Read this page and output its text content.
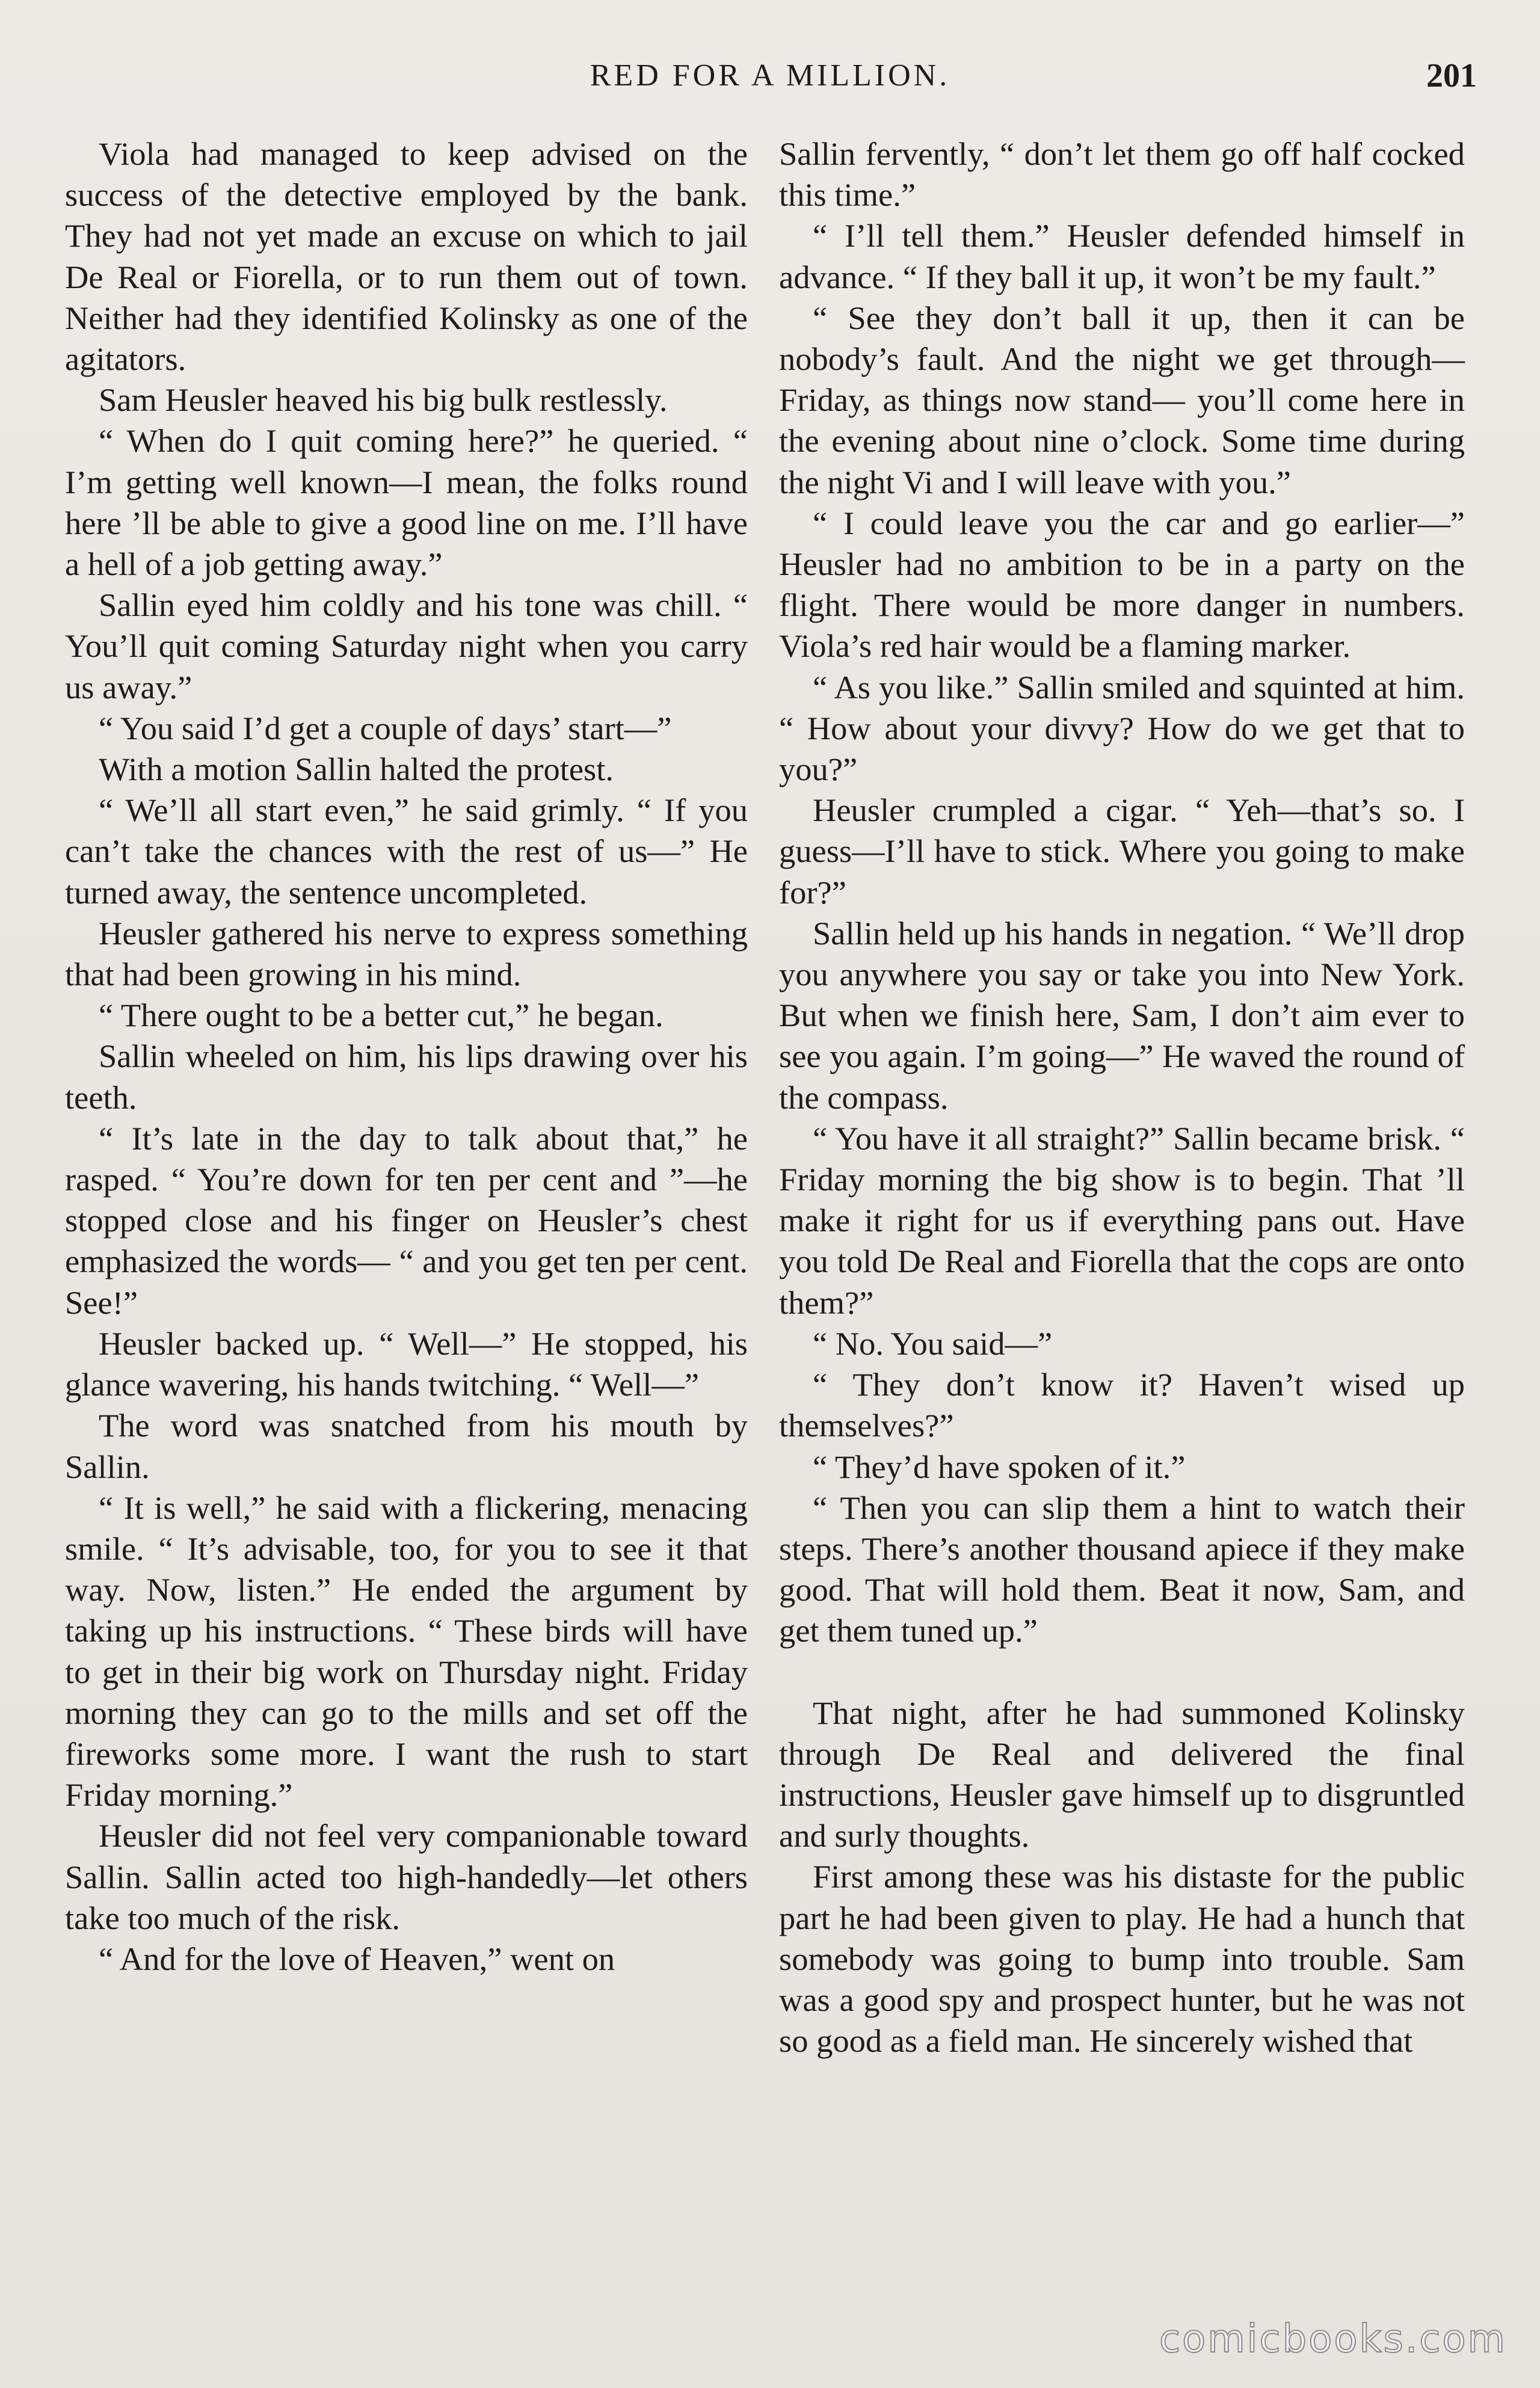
RED FOR A MILLION.	201

Viola had managed to keep advised on the success of the detective employed by the bank. They had not yet made an excuse on which to jail De Real or Fiorella, or to run them out of town. Neither had they identified Kolinsky as one of the agitators.

Sam Heusler heaved his big bulk restlessly.

“ When do I quit coming here?” he queried. “ I’m getting well known—I mean, the folks round here ’ll be able to give a good line on me. I’ll have a hell of a job getting away.”

Sallin eyed him coldly and his tone was chill. “ You’ll quit coming Saturday night when you carry us away.”

“ You said I’d get a couple of days’ start—”

With a motion Sallin halted the protest.

“ We’ll all start even,” he said grimly. “ If you can’t take the chances with the rest of us—” He turned away, the sentence uncompleted.

Heusler gathered his nerve to express something that had been growing in his mind.

“ There ought to be a better cut,” he began.

Sallin wheeled on him, his lips drawing over his teeth.

“ It’s late in the day to talk about that,” he rasped. “ You’re down for ten per cent and ”—he stopped close and his finger on Heusler’s chest emphasized the words— “ and you get ten per cent. See!”

Heusler backed up. “ Well—” He stopped, his glance wavering, his hands twitching. “ Well—”

The word was snatched from his mouth by Sallin.

“ It is well,” he said with a flickering, menacing smile. “ It’s advisable, too, for you to see it that way. Now, listen.” He ended the argument by taking up his instructions. “ These birds will have to get in their big work on Thursday night. Friday morning they can go to the mills and set off the fireworks some more. I want the rush to start Friday morning.”

Heusler did not feel very companionable toward Sallin. Sallin acted too high-handedly—let others take too much of the risk.

“ And for the love of Heaven,” went on

Sallin fervently, “ don’t let them go off half cocked this time.”

“ I’ll tell them.” Heusler defended himself in advance. “ If they ball it up, it won’t be my fault.”

“ See they don’t ball it up, then it can be nobody’s fault. And the night we get through—Friday, as things now stand— you’ll come here in the evening about nine o’clock. Some time during the night Vi and I will leave with you.”

“ I could leave you the car and go earlier—” Heusler had no ambition to be in a party on the flight. There would be more danger in numbers. Viola’s red hair would be a flaming marker.

“ As you like.” Sallin smiled and squinted at him. “ How about your divvy? How do we get that to you?”

Heusler crumpled a cigar. “ Yeh—that’s so. I guess—I’ll have to stick. Where you going to make for?”

Sallin held up his hands in negation. “ We’ll drop you anywhere you say or take you into New York. But when we finish here, Sam, I don’t aim ever to see you again. I’m going—” He waved the round of the compass.

“ You have it all straight?” Sallin became brisk. “ Friday morning the big show is to begin. That ’ll make it right for us if everything pans out. Have you told De Real and Fiorella that the cops are onto them?”

“ No. You said—”

“ They don’t know it? Haven’t wised up themselves?”

“ They’d have spoken of it.”

“ Then you can slip them a hint to watch their steps. There’s another thousand apiece if they make good. That will hold them. Beat it now, Sam, and get them tuned up.”

That night, after he had summoned Kolinsky through De Real and delivered the final instructions, Heusler gave himself up to disgruntled and surly thoughts.

First among these was his distaste for the public part he had been given to play. He had a hunch that somebody was going to bump into trouble. Sam was a good spy and prospect hunter, but he was not so good as a field man. He sincerely wished that

comicbooks.com
